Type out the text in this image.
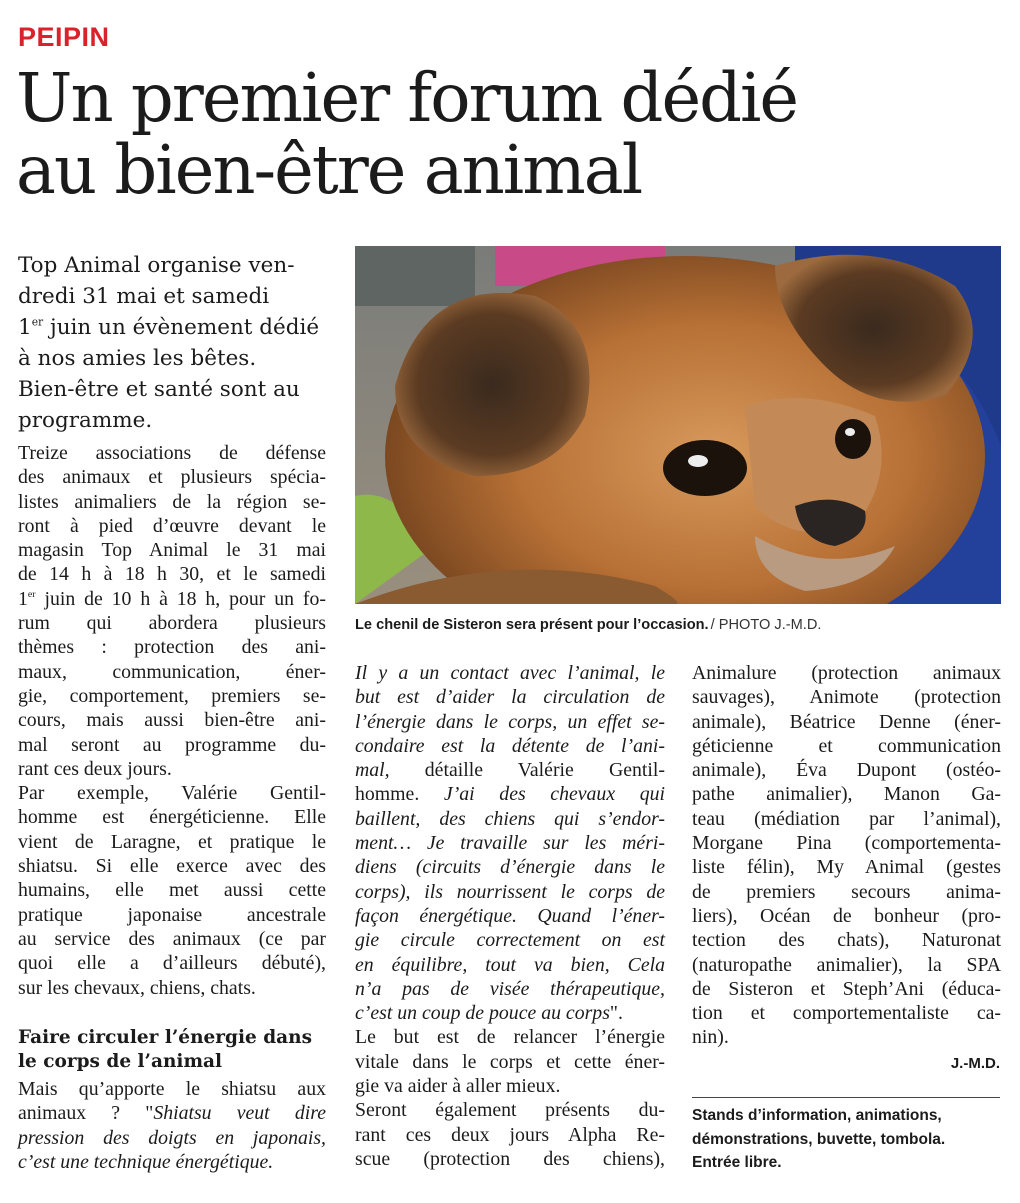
PEIPIN
Un premier forum dédié
au bien-être animal
Top Animal organise ven-
dredi 31 mai et samedi
1er juin un évènement dédié
à nos amies les bêtes.
Bien-être et santé sont au
programme.
Treize associations de défense
des animaux et plusieurs spécia-
listes animaliers de la région se-
ront à pied d’œuvre devant le
magasin Top Animal le 31 mai
de 14 h à 18 h 30, et le samedi
1er juin de 10 h à 18 h, pour un fo-
rum qui abordera plusieurs
thèmes : protection des ani-
maux, communication, éner-
gie, comportement, premiers se-
cours, mais aussi bien-être ani-
mal seront au programme du-
rant ces deux jours.
Par exemple, Valérie Gentil-
homme est énergéticienne. Elle
vient de Laragne, et pratique le
shiatsu. Si elle exerce avec des
humains, elle met aussi cette
pratique japonaise ancestrale
au service des animaux (ce par
quoi elle a d’ailleurs débuté),
sur les chevaux, chiens, chats.
Faire circuler l’énergie dans
le corps de l’animal
Mais qu’apporte le shiatsu aux
animaux ? "Shiatsu veut dire
pression des doigts en japonais,
c’est une technique énergétique.
Le chenil de Sisteron sera présent pour l’occasion. / PHOTO J.-M.D.
Il y a un contact avec l’animal, le
but est d’aider la circulation de
l’énergie dans le corps, un effet se-
condaire est la détente de l’ani-
mal, détaille Valérie Gentil-
homme. J’ai des chevaux qui
baillent, des chiens qui s’endor-
ment… Je travaille sur les méri-
diens (circuits d’énergie dans le
corps), ils nourrissent le corps de
façon énergétique. Quand l’éner-
gie circule correctement on est
en équilibre, tout va bien, Cela
n’a pas de visée thérapeutique,
c’est un coup de pouce au corps".
Le but est de relancer l’énergie
vitale dans le corps et cette éner-
gie va aider à aller mieux.
Seront également présents du-
rant ces deux jours Alpha Re-
scue (protection des chiens),
Animalure (protection animaux
sauvages), Animote (protection
animale), Béatrice Denne (éner-
géticienne et communication
animale), Éva Dupont (ostéo-
pathe animalier), Manon Ga-
teau (médiation par l’animal),
Morgane Pina (comportementa-
liste félin), My Animal (gestes
de premiers secours anima-
liers), Océan de bonheur (pro-
tection des chats), Naturonat
(naturopathe animalier), la SPA
de Sisteron et Steph’Ani (éduca-
tion et comportementaliste ca-
nin).
J.-M.D.
Stands d’information, animations,
démonstrations, buvette, tombola.
Entrée libre.
